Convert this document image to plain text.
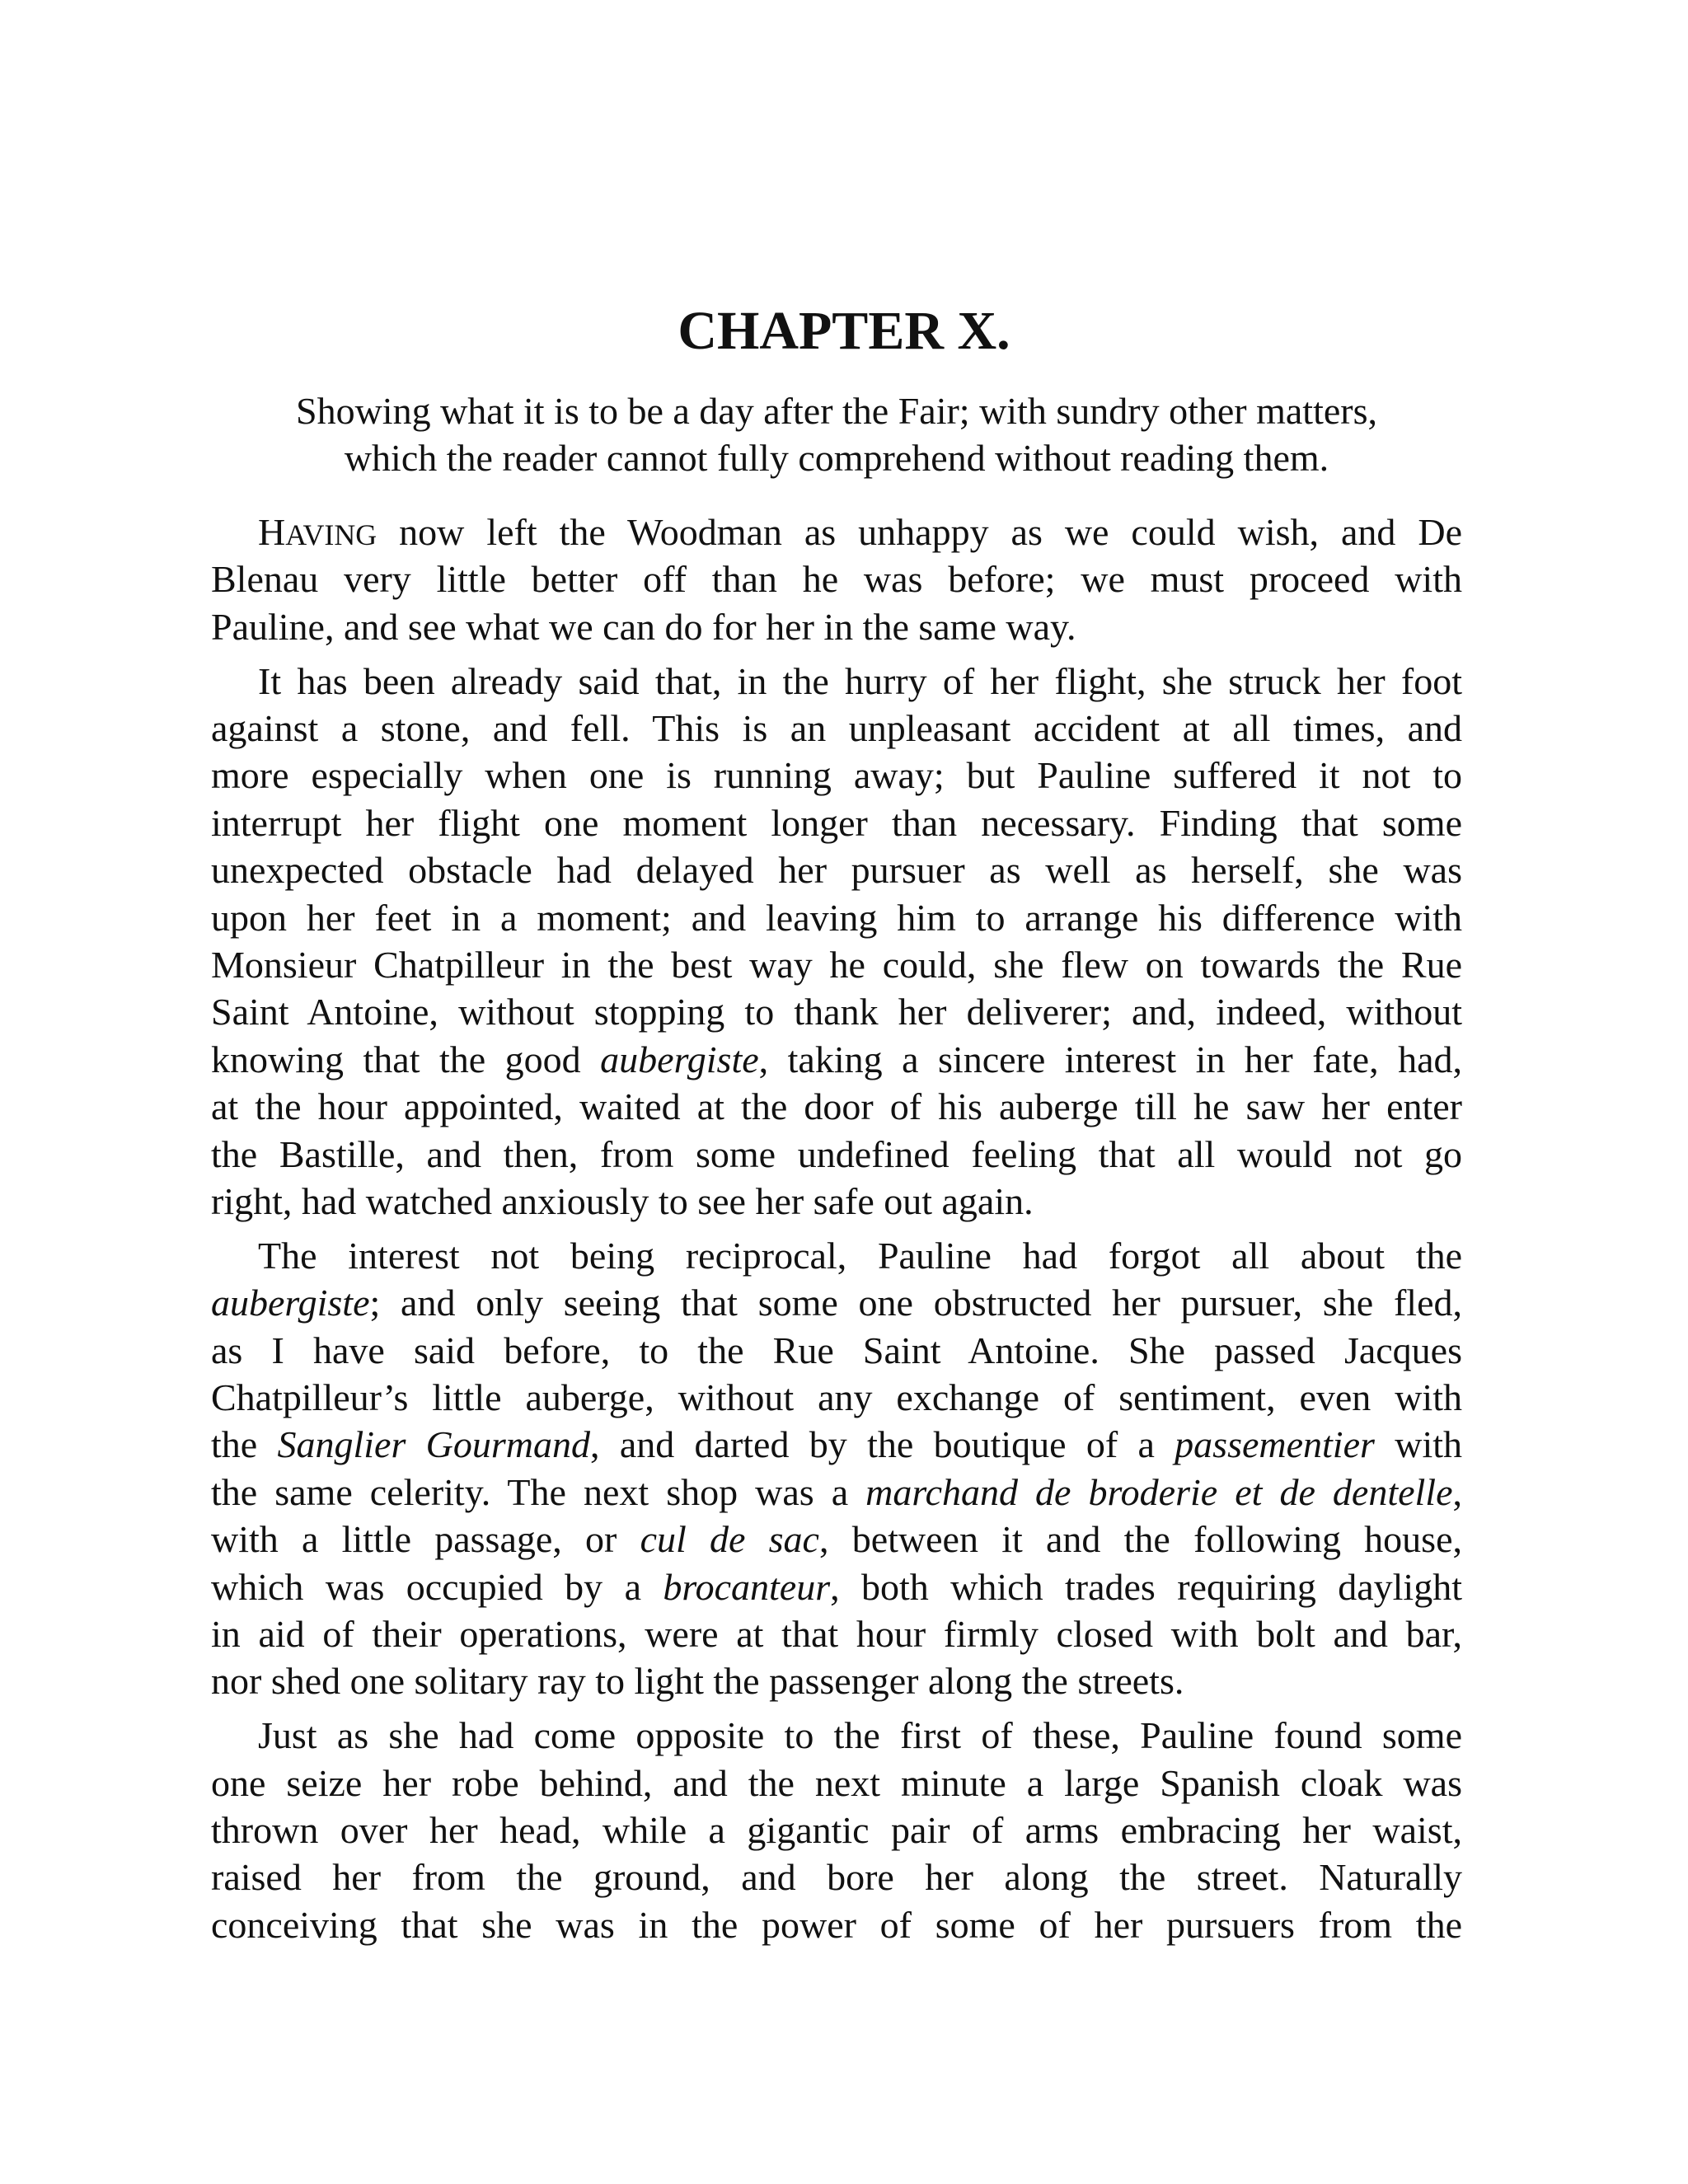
CHAPTER X.
Showing what it is to be a day after the Fair; with sundry other matters,
which the reader cannot fully comprehend without reading them.
HAVING now left the Woodman as unhappy as we could wish, and De
Blenau very little better off than he was before; we must proceed with
Pauline, and see what we can do for her in the same way.
It has been already said that, in the hurry of her flight, she struck her foot
against a stone, and fell. This is an unpleasant accident at all times, and
more especially when one is running away; but Pauline suffered it not to
interrupt her flight one moment longer than necessary. Finding that some
unexpected obstacle had delayed her pursuer as well as herself, she was
upon her feet in a moment; and leaving him to arrange his difference with
Monsieur Chatpilleur in the best way he could, she flew on towards the Rue
Saint Antoine, without stopping to thank her deliverer; and, indeed, without
knowing that the good aubergiste, taking a sincere interest in her fate, had,
at the hour appointed, waited at the door of his auberge till he saw her enter
the Bastille, and then, from some undefined feeling that all would not go
right, had watched anxiously to see her safe out again.
The interest not being reciprocal, Pauline had forgot all about the
aubergiste; and only seeing that some one obstructed her pursuer, she fled,
as I have said before, to the Rue Saint Antoine. She passed Jacques
Chatpilleur’s little auberge, without any exchange of sentiment, even with
the Sanglier Gourmand, and darted by the boutique of a passementier with
the same celerity. The next shop was a marchand de broderie et de dentelle,
with a little passage, or cul de sac, between it and the following house,
which was occupied by a brocanteur, both which trades requiring daylight
in aid of their operations, were at that hour firmly closed with bolt and bar,
nor shed one solitary ray to light the passenger along the streets.
Just as she had come opposite to the first of these, Pauline found some
one seize her robe behind, and the next minute a large Spanish cloak was
thrown over her head, while a gigantic pair of arms embracing her waist,
raised her from the ground, and bore her along the street. Naturally
conceiving that she was in the power of some of her pursuers from the
